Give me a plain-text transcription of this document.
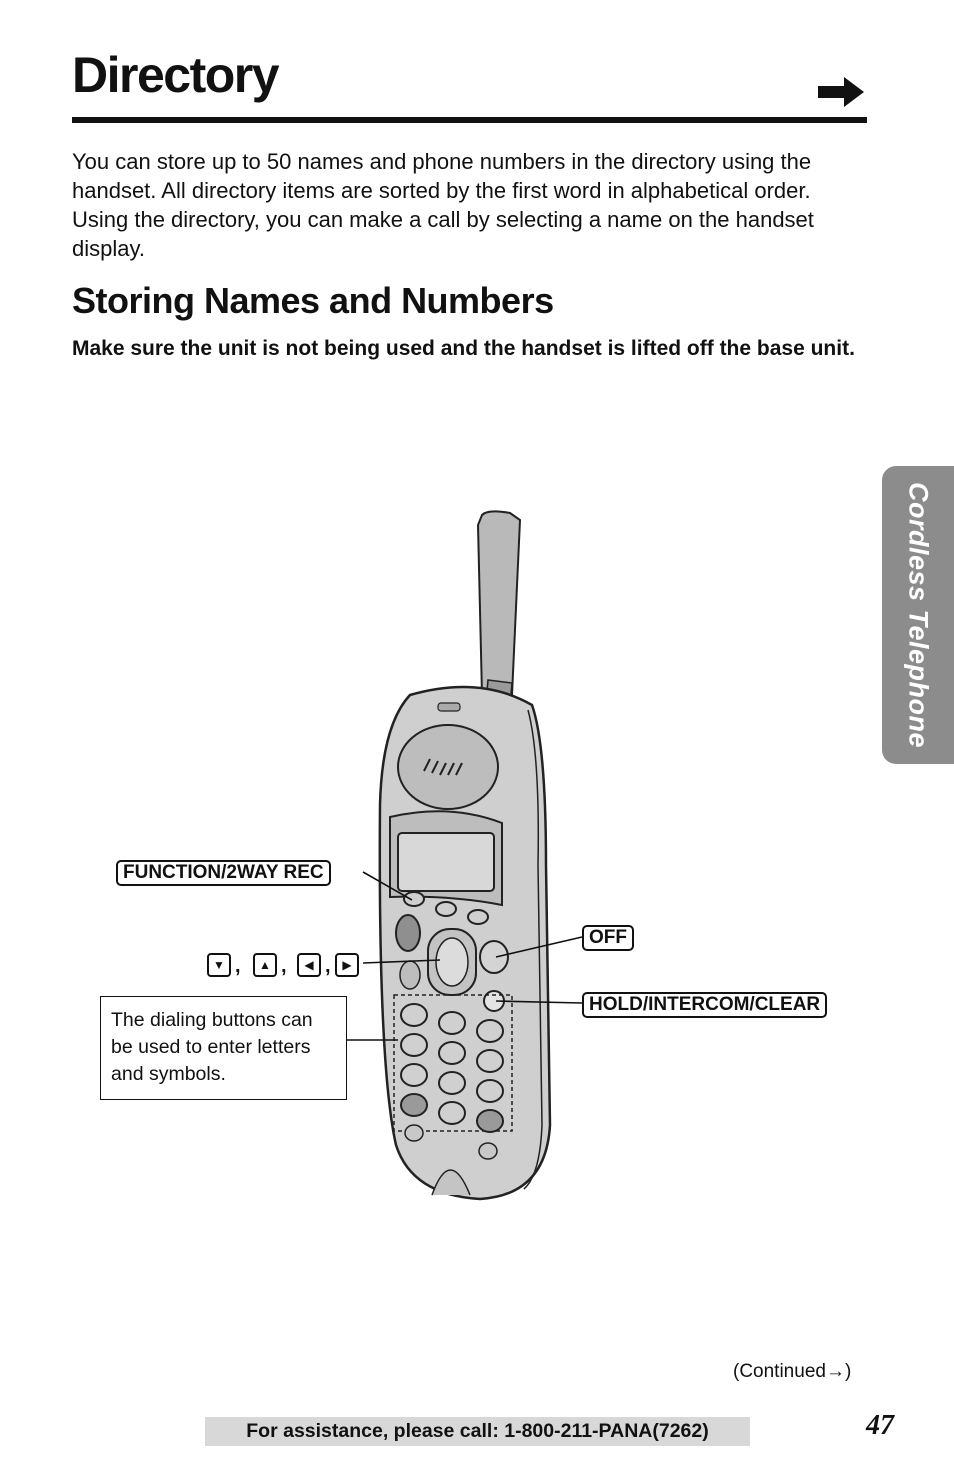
Directory

You can store up to 50 names and phone numbers in the directory using the handset. All directory items are sorted by the first word in alphabetical order. Using the directory, you can make a call by selecting a name on the handset display.

Storing Names and Numbers

Make sure the unit is not being used and the handset is lifted off the base unit.

Cordless Telephone
FUNCTION/2WAY REC
OFF
HOLD/INTERCOM/CLEAR
▼ ,	▲ ,	◀ , ▶
The dialing buttons can be used to enter letters and symbols.
(Continued→)
For assistance, please call: 1-800-211-PANA(7262)	47
